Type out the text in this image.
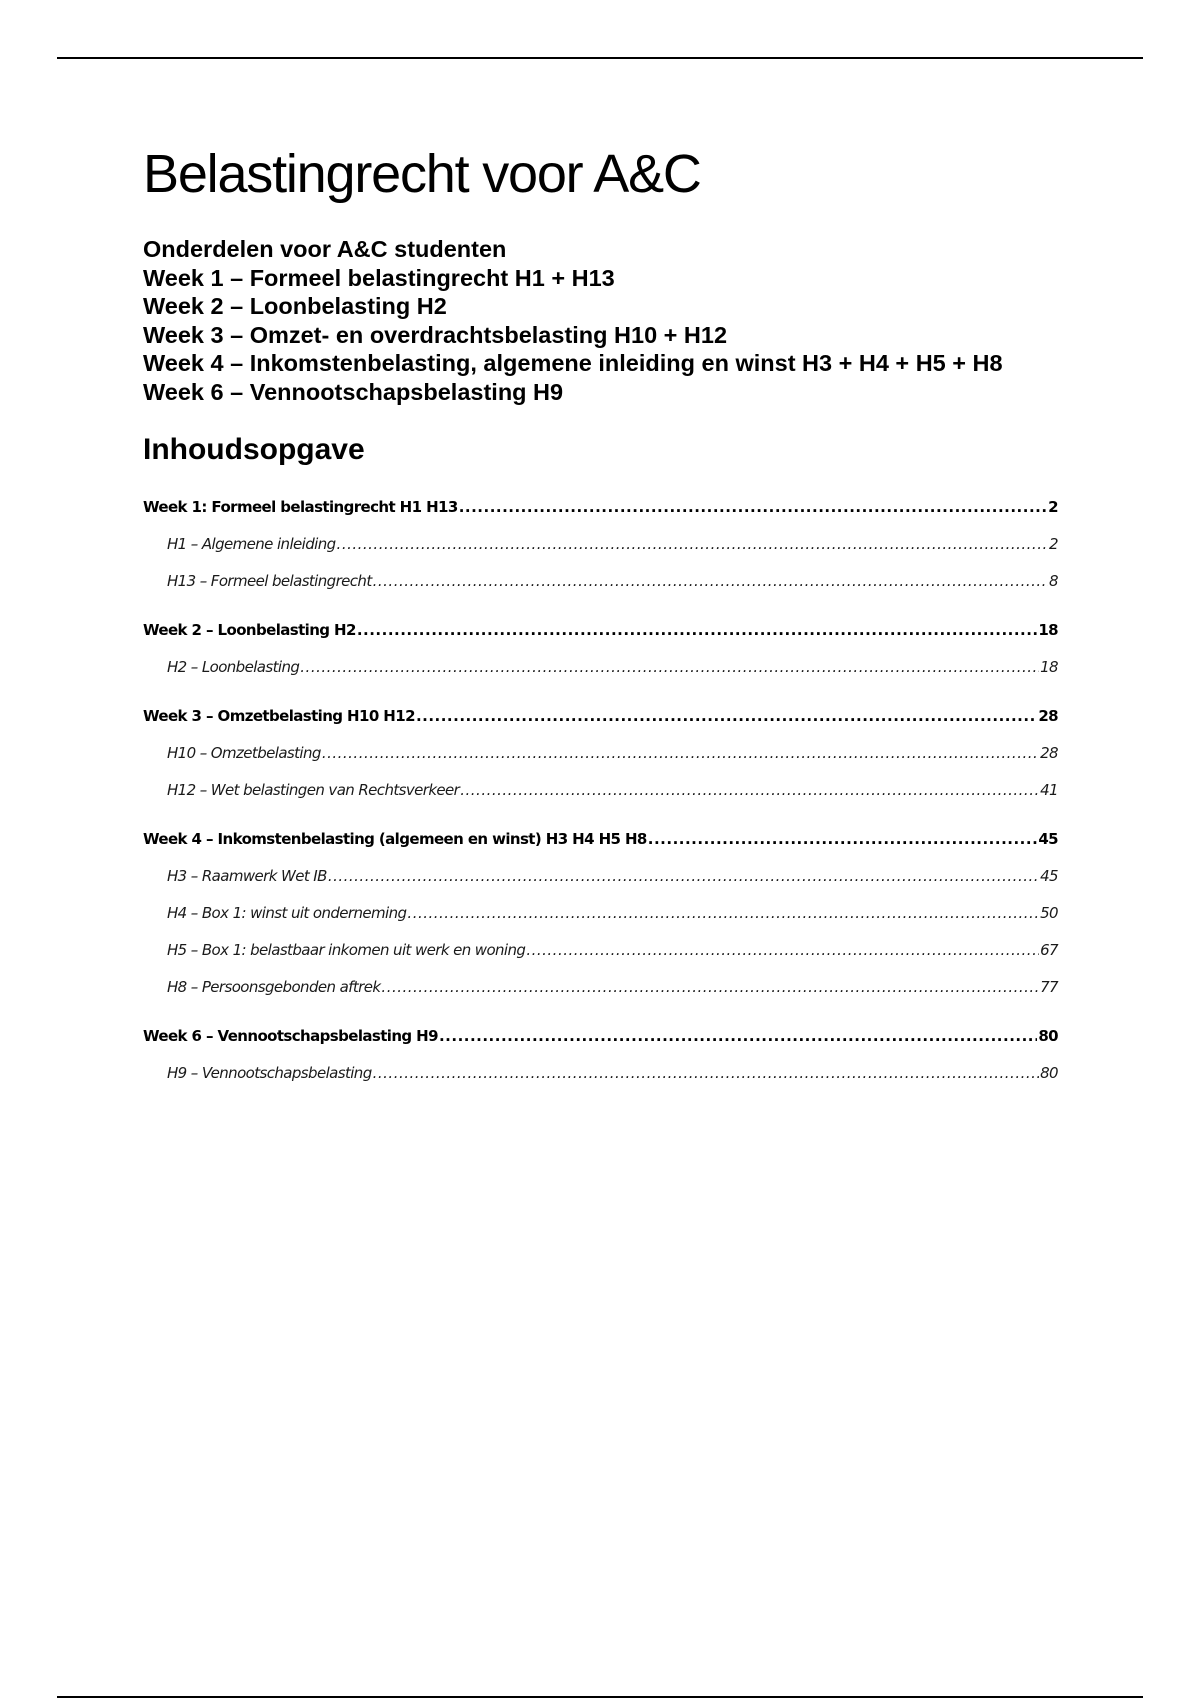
Belastingrecht voor A&C
Onderdelen voor A&C studenten
Week 1 – Formeel belastingrecht H1 + H13
Week 2 – Loonbelasting H2
Week 3 – Omzet- en overdrachtsbelasting H10 + H12
Week 4 – Inkomstenbelasting, algemene inleiding en winst H3 + H4 + H5 + H8
Week 6 – Vennootschapsbelasting H9
Inhoudsopgave
Week 1: Formeel belastingrecht H1 H13 .....	2
H1 – Algemene inleiding .....	2
H13 – Formeel belastingrecht .....	8
Week 2 – Loonbelasting H2 .....	18
H2 – Loonbelasting .....	18
Week 3 – Omzetbelasting H10 H12 .....	28
H10 – Omzetbelasting .....	28
H12 – Wet belastingen van Rechtsverkeer .....	41
Week 4 – Inkomstenbelasting (algemeen en winst) H3 H4 H5 H8 .....	45
H3 – Raamwerk Wet IB .....	45
H4 – Box 1: winst uit onderneming .....	50
H5 – Box 1: belastbaar inkomen uit werk en woning .....	67
H8 – Persoonsgebonden aftrek .....	77
Week 6 – Vennootschapsbelasting H9 .....	80
H9 – Vennootschapsbelasting .....	80
